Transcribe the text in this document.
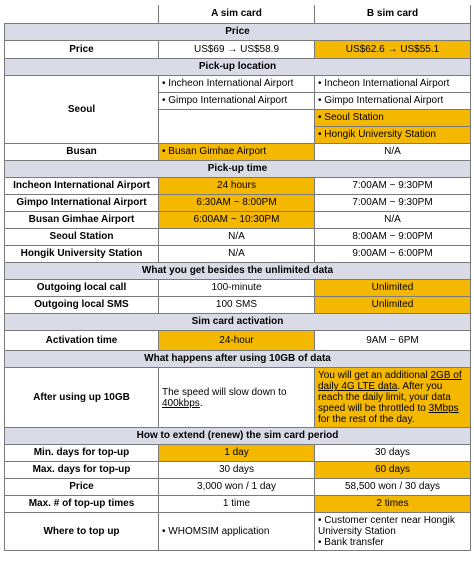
	A sim card	B sim card
Price		
Price	US$69 → US$58.9	US$62.6 → US$55.1
Pick-up location		
Seoul	• Incheon International Airport	• Incheon International Airport
	• Gimpo International Airport	• Gimpo International Airport
		• Seoul Station
		• Hongik University Station
Busan	• Busan Gimhae Airport	N/A
Pick-up time		
Incheon International Airport	24 hours	7:00AM ~ 9:30PM
Gimpo International Airport	6:30AM ~ 8:00PM	7:00AM ~ 9:30PM
Busan Gimhae Airport	6:00AM ~ 10:30PM	N/A
Seoul Station	N/A	8:00AM ~ 9:00PM
Hongik University Station	N/A	9:00AM ~ 6:00PM
What you get besides the unlimited data		
Outgoing local call	100-minute	Unlimited
Outgoing local SMS	100 SMS	Unlimited
Sim card activation		
Activation time	24-hour	9AM ~ 6PM
What happens after using 10GB of data		
After using up 10GB	The speed will slow down to 400kbps.	You will get an additional 2GB of daily 4G LTE data. After you reach the daily limit, your data speed will be throttled to 3Mbps for the rest of the day.
How to extend (renew) the sim card period		
Min. days for top-up	1 day	30 days
Max. days for top-up	30 days	60 days
Price	3,000 won / 1 day	58,500 won / 30 days
Max. # of top-up times	1 time	2 times
Where to top up	• WHOMSIM application	• Customer center near Hongik University Station
• Bank transfer
